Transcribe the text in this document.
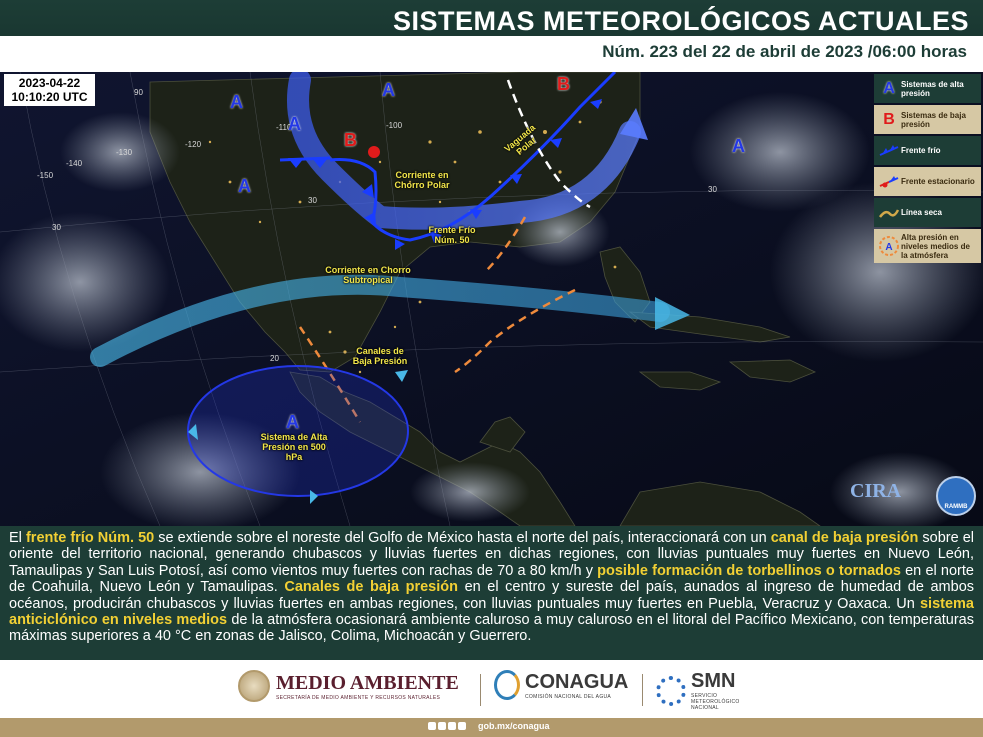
SISTEMAS METEOROLÓGICOS ACTUALES
Núm. 223 del 22 de abril de 2023 /06:00 horas
2023-04-22
10:10:20 UTC	90
-150
-140
-130
-120
-110	-100
30
30
20
30
A
A
A
A
A
A
B
B
Corriente en Chorro Polar
Vaguada Polar
Frente Frío Núm. 50
Corriente en Chorro Subtropical
Canales de Baja Presión
Sistema de Alta Presión en 500 hPa
CIRA
RAMMB
A Sistemas de alta presión
B Sistemas de baja presión
Frente frío
Frente estacionario
Línea seca
A
Alta presión en niveles medios de la atmósfera

El frente frío Núm. 50 se extiende sobre el noreste del Golfo de México hasta el norte del país, interaccionará con un canal de baja presión sobre el oriente del territorio nacional, generando chubascos y lluvias fuertes en dichas regiones, con lluvias puntuales muy fuertes en Nuevo León, Tamaulipas y San Luis Potosí, así como vientos muy fuertes con rachas de 70 a 80 km/h y posible formación de torbellinos o tornados en el norte de Coahuila, Nuevo León y Tamaulipas. Canales de baja presión en el centro y sureste del país, aunados al ingreso de humedad de ambos océanos, producirán chubascos y lluvias fuertes en ambas regiones, con lluvias puntuales muy fuertes en Puebla, Veracruz y Oaxaca. Un sistema anticiclónico en niveles medios de la atmósfera ocasionará ambiente caluroso a muy caluroso en el litoral del Pacífico Mexicano, con temperaturas máximas superiores a 40 °C en zonas de Jalisco, Colima, Michoacán y Guerrero.

MEDIO AMBIENTE
SECRETARÍA DE MEDIO AMBIENTE Y RECURSOS NATURALES
CONAGUA
COMISIÓN NACIONAL DEL AGUA
SMN
SERVICIO METEOROLÓGICO NACIONAL
gob.mx/conagua
